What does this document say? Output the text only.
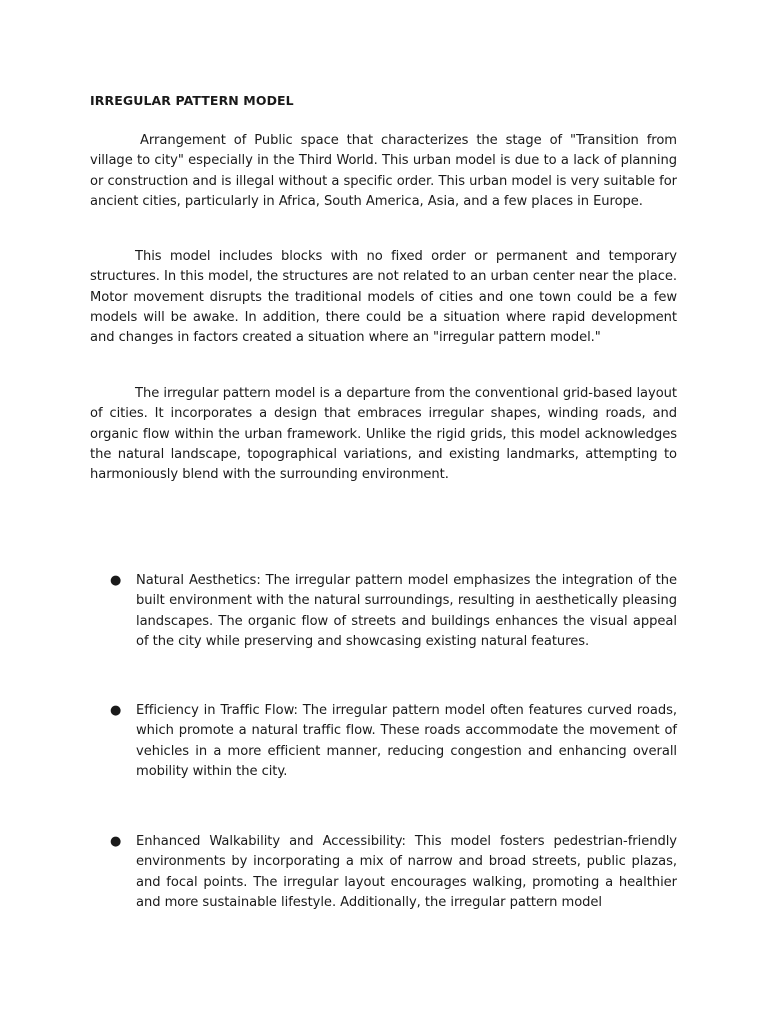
IRREGULAR PATTERN MODEL

Arrangement of Public space that characterizes the stage of "Transition from village to city" especially in the Third World. This urban model is due to a lack of planning or construction and is illegal without a specific order. This urban model is very suitable for ancient cities, particularly in Africa, South America, Asia, and a few places in Europe.

This model includes blocks with no fixed order or permanent and temporary structures. In this model, the structures are not related to an urban center near the place. Motor movement disrupts the traditional models of cities and one town could be a few models will be awake. In addition, there could be a situation where rapid development and changes in factors created a situation where an "irregular pattern model."

The irregular pattern model is a departure from the conventional grid-based layout of cities. It incorporates a design that embraces irregular shapes, winding roads, and organic flow within the urban framework. Unlike the rigid grids, this model acknowledges the natural landscape, topographical variations, and existing landmarks, attempting to harmoniously blend with the surrounding environment.

● Natural Aesthetics: The irregular pattern model emphasizes the integration of the built environment with the natural surroundings, resulting in aesthetically pleasing landscapes. The organic flow of streets and buildings enhances the visual appeal of the city while preserving and showcasing existing natural features.

● Efficiency in Traffic Flow: The irregular pattern model often features curved roads, which promote a natural traffic flow. These roads accommodate the movement of vehicles in a more efficient manner, reducing congestion and enhancing overall mobility within the city.

● Enhanced Walkability and Accessibility: This model fosters pedestrian-friendly environments by incorporating a mix of narrow and broad streets, public plazas, and focal points. The irregular layout encourages walking, promoting a healthier and more sustainable lifestyle. Additionally, the irregular pattern model
